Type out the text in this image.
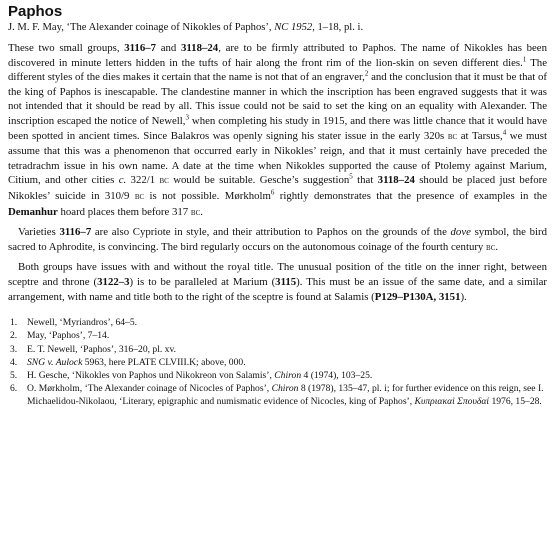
Paphos
J. M. F. May, ‘The Alexander coinage of Nikokles of Paphos’, NC 1952, 1–18, pl. i.

These two small groups, 3116–7 and 3118–24, are to be firmly attributed to Paphos. The name of Nikokles has been discovered in minute letters hidden in the tufts of hair along the front rim of the lion-skin on seven different dies.$^1$ The different styles of the dies makes it certain that the name is not that of an engraver,$^2$ and the conclusion that it must be that of the king of Paphos is inescapable. The clandestine manner in which the inscription has been engraved suggests that it was not intended that it should be read by all. This issue could not be said to set the king on an equality with Alexander. The inscription escaped the notice of Newell,$^3$ when completing his study in 1915, and there was little chance that it would have been spotted in ancient times. Since Balakros was openly signing his stater issue in the early 320s bc at Tarsus,$^4$ we must assume that this was a phenomenon that occurred early in Nikokles’ reign, and that it must certainly have preceded the tetradrachm issue in his own name. A date at the time when Nikokles supported the cause of Ptolemy against Marium, Citium, and other cities c. 322/1 bc would be suitable. Gesche’s suggestion$^5$ that 3118–24 should be placed just before Nikokles’ suicide in 310/9 bc is not possible. Mørkholm$^6$ rightly demonstrates that the presence of examples in the Demanhur hoard places them before 317 bc.

Varieties 3116–7 are also Cypriote in style, and their attribution to Paphos on the grounds of the dove symbol, the bird sacred to Aphrodite, is convincing. The bird regularly occurs on the autonomous coinage of the fourth century bc.

Both groups have issues with and without the royal title. The unusual position of the title on the inner right, between sceptre and throne (3122–3) is to be paralleled at Marium (3115). This must be an issue of the same date, and a similar arrangement, with name and title both to the right of the sceptre is found at Salamis (P129–P130A, 3151).

1.	Newell, ‘Myriandros’, 64–5.
2.	May, ‘Paphos’, 7–14.
3.	E. T. Newell, ‘Paphos’, 316–20, pl. xv.
4.	SNG v. Aulock 5963, here PLATE CLVIII.K; above, 000.
5.	H. Gesche, ‘Nikokles von Paphos und Nikokreon von Salamis’, Chiron 4 (1974), 103–25.
6.	O. Mørkholm, ‘The Alexander coinage of Nicocles of Paphos’, Chiron 8 (1978), 135–47, pl. i; for further evidence on this reign, see I. Michaelidou-Nikolaou, ‘Literary, epigraphic and numismatic evidence of Nicocles, king of Paphos’, Κυπριακαὶ Σπουδαί 1976, 15–28.
